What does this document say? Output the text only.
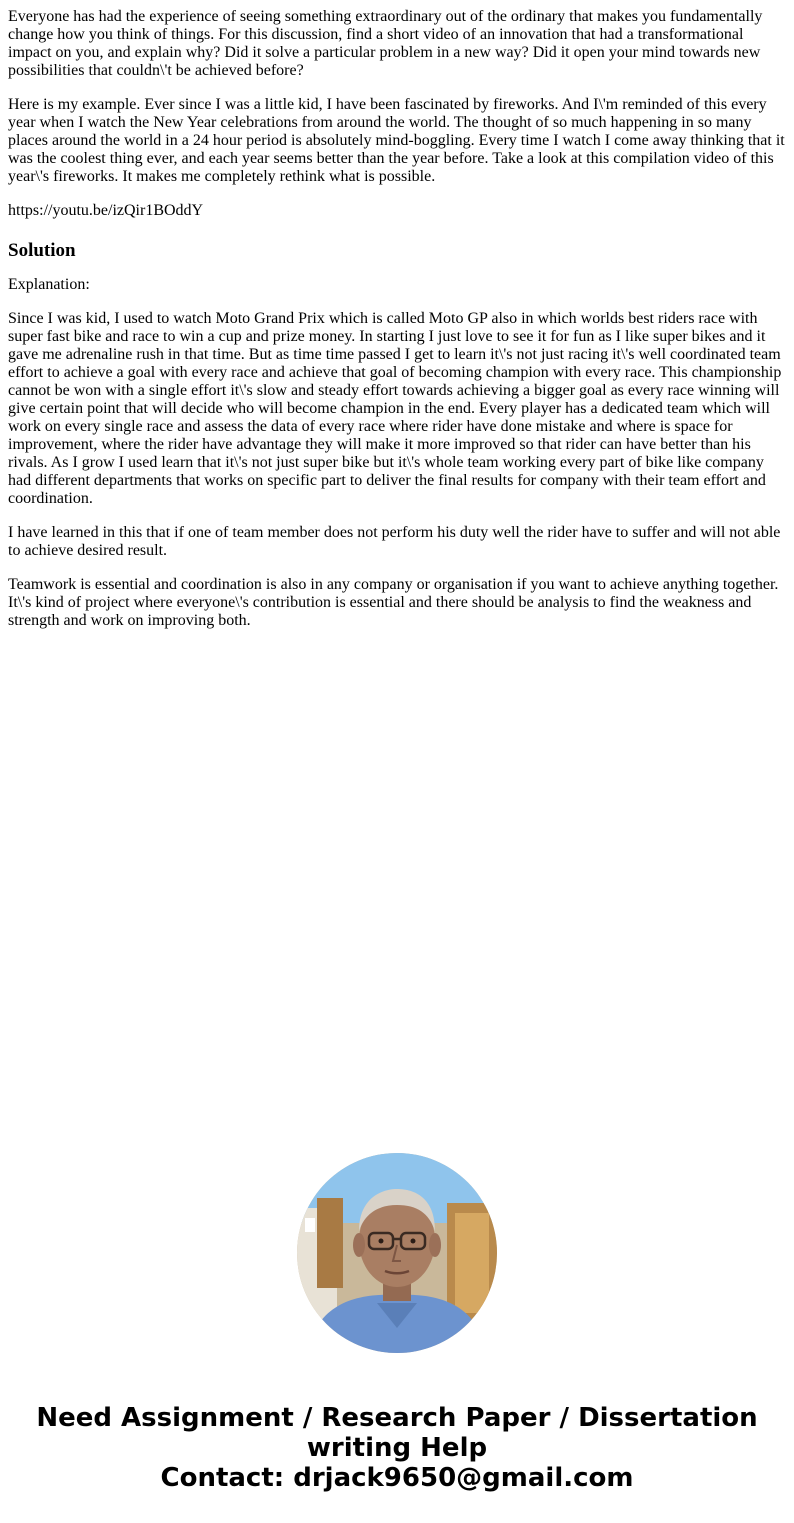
Everyone has had the experience of seeing something extraordinary out of the ordinary that makes you fundamentally change how you think of things. For this discussion, find a short video of an innovation that had a transformational impact on you, and explain why? Did it solve a particular problem in a new way? Did it open your mind towards new possibilities that couldn\'t be achieved before?

Here is my example. Ever since I was a little kid, I have been fascinated by fireworks. And I\'m reminded of this every year when I watch the New Year celebrations from around the world. The thought of so much happening in so many places around the world in a 24 hour period is absolutely mind-boggling. Every time I watch I come away thinking that it was the coolest thing ever, and each year seems better than the year before. Take a look at this compilation video of this year\'s fireworks. It makes me completely rethink what is possible.

https://youtu.be/izQir1BOddY

Solution

Explanation:

Since I was kid, I used to watch Moto Grand Prix which is called Moto GP also in which worlds best riders race with super fast bike and race to win a cup and prize money. In starting I just love to see it for fun as I like super bikes and it gave me adrenaline rush in that time. But as time time passed I get to learn it\'s not just racing it\'s well coordinated team effort to achieve a goal with every race and achieve that goal of becoming champion with every race. This championship cannot be won with a single effort it\'s slow and steady effort towards achieving a bigger goal as every race winning will give certain point that will decide who will become champion in the end. Every player has a dedicated team which will work on every single race and assess the data of every race where rider have done mistake and where is space for improvement, where the rider have advantage they will make it more improved so that rider can have better than his rivals. As I grow I used learn that it\'s not just super bike but it\'s whole team working every part of bike like company had different departments that works on specific part to deliver the final results for company with their team effort and coordination.

I have learned in this that if one of team member does not perform his duty well the rider have to suffer and will not able to achieve desired result.

Teamwork is essential and coordination is also in any company or organisation if you want to achieve anything together. It\'s kind of project where everyone\'s contribution is essential and there should be analysis to find the weakness and strength and work on improving both.

Need Assignment / Research Paper / Dissertation
writing Help
Contact: drjack9650@gmail.com
